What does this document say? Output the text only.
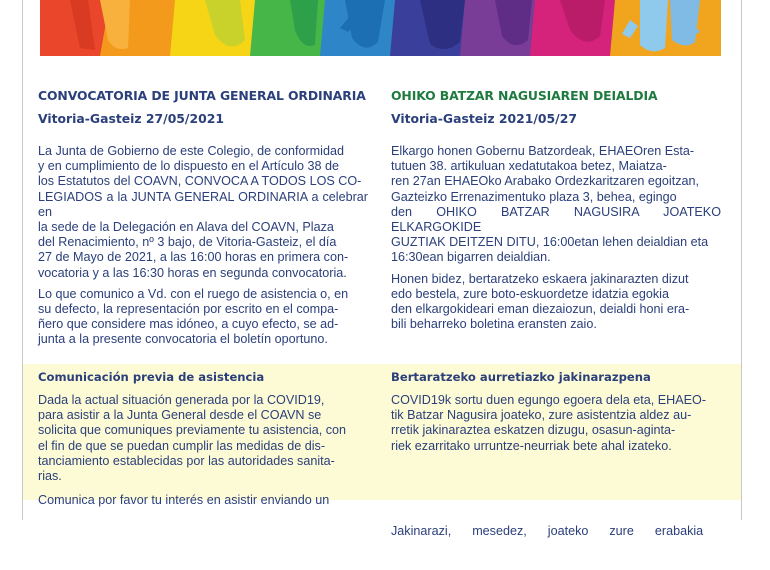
CONVOCATORIA DE JUNTA GENERAL ORDINARIA

Vitoria-Gasteiz 27/05/2021
La Junta de Gobierno de este Colegio, de conformidad
y en cumplimiento de lo dispuesto en el Artículo 38 de
los Estatutos del COAVN, CONVOCA A TODOS LOS CO-
LEGIADOS a la JUNTA GENERAL ORDINARIA a celebrar en
la sede de la Delegación en Alava del COAVN, Plaza
del Renacimiento, nº 3 bajo, de Vitoria-Gasteiz, el día
27 de Mayo de 2021, a las 16:00 horas en primera con-
vocatoria y a las 16:30 horas en segunda convocatoria.
Lo que comunico a Vd. con el ruego de asistencia o, en
su defecto, la representación por escrito en el compa-
ñero que considere mas idóneo, a cuyo efecto, se ad-
junta a la presente convocatoria el boletín oportuno.

OHIKO BATZAR NAGUSIAREN DEIALDIA

Vitoria-Gasteiz 2021/05/27
Elkargo honen Gobernu Batzordeak, EHAEOren Esta-
tutuen 38. artikuluan xedatutakoa betez, Maiatza-
ren 27an EHAEOko Arabako Ordezkaritzaren egoitzan,
Gazteizko Errenazimentuko plaza 3, behea, egingo
den OHIKO BATZAR NAGUSIRA JOATEKO ELKARGOKIDE
GUZTIAK DEITZEN DITU, 16:00etan lehen deialdian eta
16:30ean bigarren deialdian.
Honen bidez, bertaratzeko eskaera jakinarazten dizut
edo bestela, zure boto-eskuordetze idatzia egokia
den elkargokideari eman diezaiozun, deialdi honi era-
bili beharreko boletina eransten zaio.

Comunicación previa de asistencia

Dada la actual situación generada por la COVID19,
para asistir a la Junta General desde el COAVN se
solicita que comuniques previamente tu asistencia, con
el fin de que se puedan cumplir las medidas de dis-
tanciamiento establecidas por las autoridades sanita-
rias.
Comunica por favor tu interés en asistir enviando un

Bertaratzeko aurretiazko jakinarazpena

COVID19k sortu duen egungo egoera dela eta, EHAEO-
tik Batzar Nagusira joateko, zure asistentzia aldez au-
rretik jakinaraztea eskatzen dizugu, osasun-aginta-
riek ezarritako urruntze-neurriak bete ahal izateko.

Jakinarazi,      mesedez,      joateko      zure      erabakia
